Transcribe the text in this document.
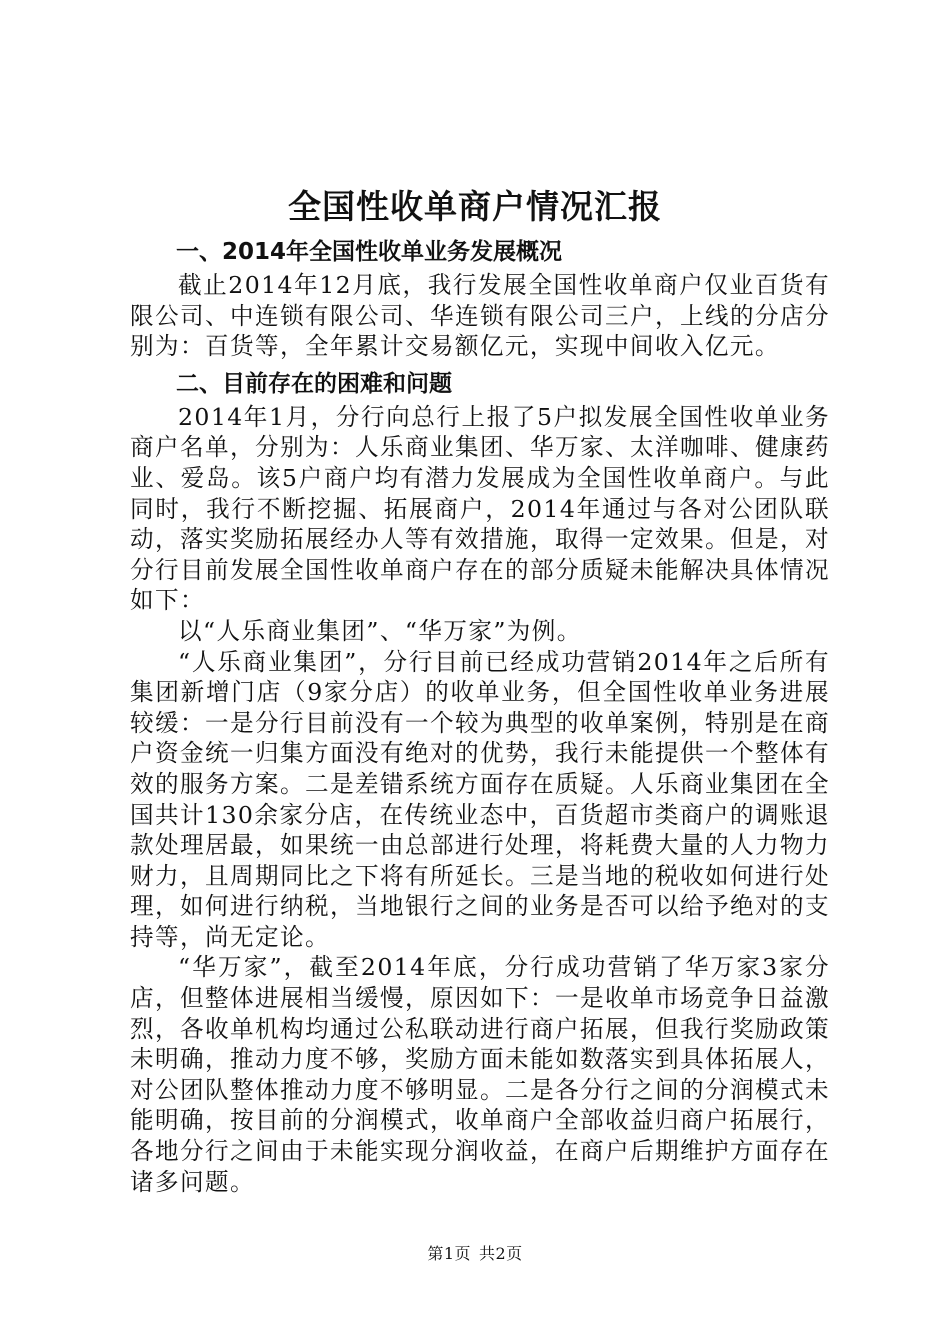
全国性收单商户情况汇报
一、2014年全国性收单业务发展概况

截止2014年12月底，我行发展全国性收单商户仅业百货有限公司、中连锁有限公司、华连锁有限公司三户，上线的分店分别为：百货等，全年累计交易额亿元，实现中间收入亿元。

二、目前存在的困难和问题

2014年1月，分行向总行上报了5户拟发展全国性收单业务商户名单，分别为：人乐商业集团、华万家、太洋咖啡、健康药业、爱岛。该5户商户均有潜力发展成为全国性收单商户。与此同时，我行不断挖掘、拓展商户，2014年通过与各对公团队联动，落实奖励拓展经办人等有效措施，取得一定效果。但是，对分行目前发展全国性收单商户存在的部分质疑未能解决具体情况如下：

以“人乐商业集团”、“华万家”为例。

“人乐商业集团”，分行目前已经成功营销2014年之后所有集团新增门店（9家分店）的收单业务，但全国性收单业务进展较缓：一是分行目前没有一个较为典型的收单案例，特别是在商户资金统一归集方面没有绝对的优势，我行未能提供一个整体有效的服务方案。二是差错系统方面存在质疑。人乐商业集团在全国共计130余家分店，在传统业态中，百货超市类商户的调账退款处理居最，如果统一由总部进行处理，将耗费大量的人力物力财力，且周期同比之下将有所延长。三是当地的税收如何进行处理，如何进行纳税，当地银行之间的业务是否可以给予绝对的支持等，尚无定论。

“华万家”，截至2014年底，分行成功营销了华万家3家分店，但整体进展相当缓慢，原因如下：一是收单市场竞争日益激烈，各收单机构均通过公私联动进行商户拓展，但我行奖励政策未明确，推动力度不够，奖励方面未能如数落实到具体拓展人，对公团队整体推动力度不够明显。二是各分行之间的分润模式未能明确，按目前的分润模式，收单商户全部收益归商户拓展行，各地分行之间由于未能实现分润收益，在商户后期维护方面存在诸多问题。

第1页 共2页
